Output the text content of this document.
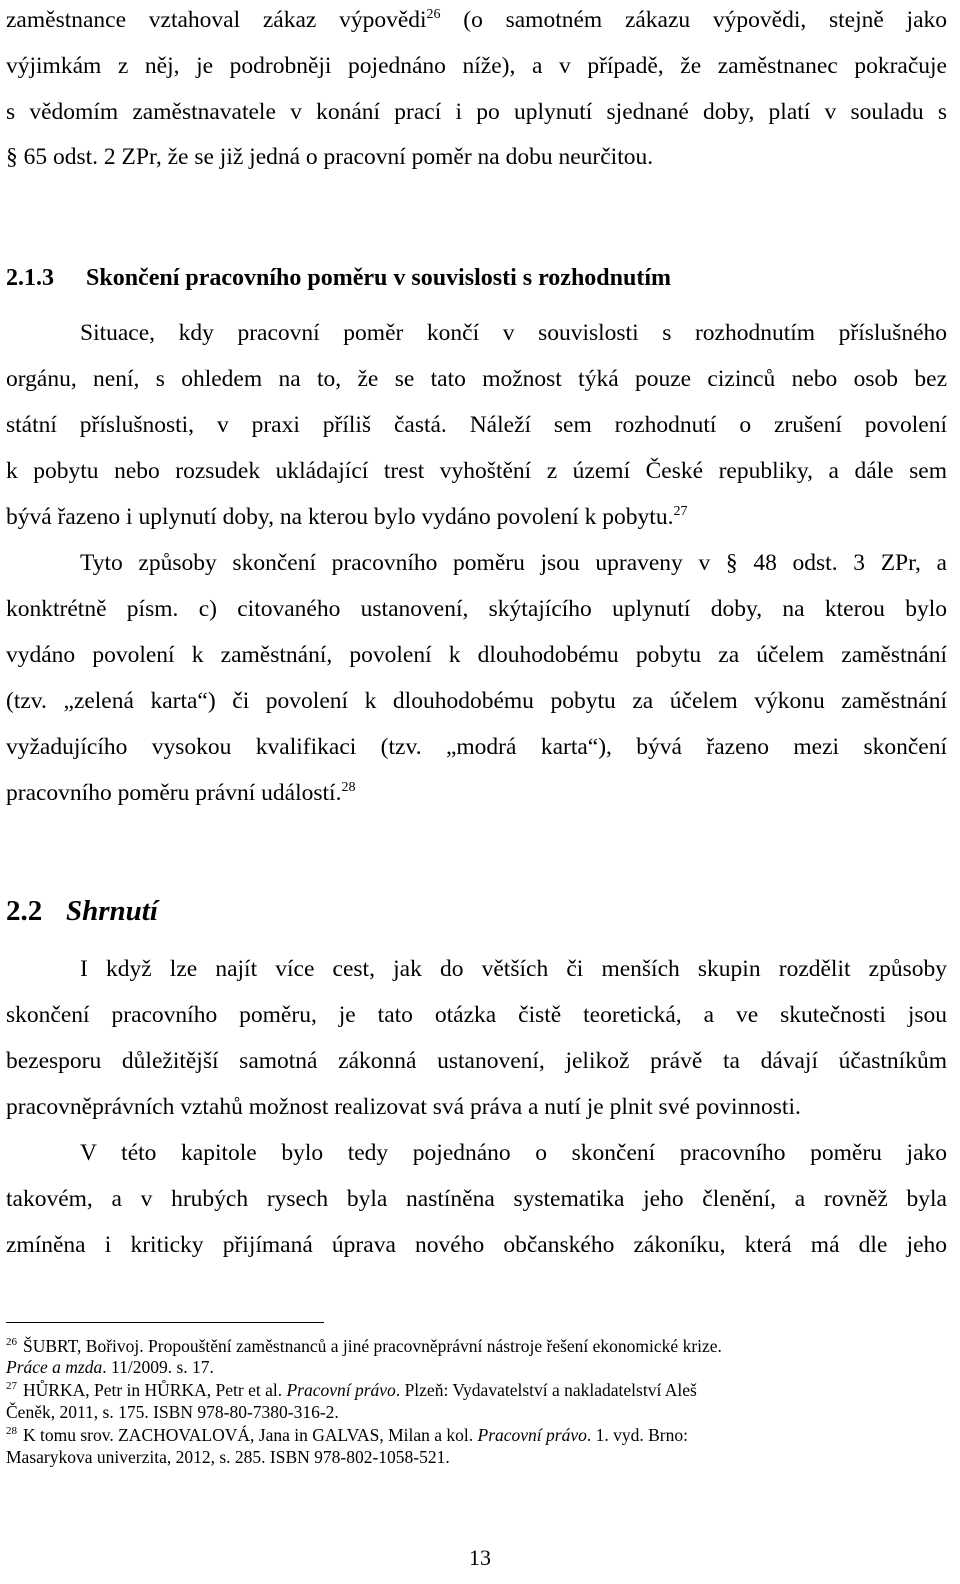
zaměstnance vztahoval zákaz výpovědi$^{26}$ (o samotném zákazu výpovědi, stejně jako
výjimkám z něj, je podrobněji pojednáno níže), a v případě, že zaměstnanec pokračuje
s vědomím zaměstnavatele v konání prací i po uplynutí sjednané doby, platí v souladu s
§ 65 odst. 2 ZPr, že se již jedná o pracovní poměr na dobu neurčitou.
2.1.3 Skončení pracovního poměru v souvislosti s rozhodnutím
Situace, kdy pracovní poměr končí v souvislosti s rozhodnutím příslušného
orgánu, není, s ohledem na to, že se tato možnost týká pouze cizinců nebo osob bez
státní příslušnosti, v praxi příliš častá. Náleží sem rozhodnutí o zrušení povolení
k pobytu nebo rozsudek ukládající trest vyhoštění z území České republiky, a dále sem
bývá řazeno i uplynutí doby, na kterou bylo vydáno povolení k pobytu.$^{27}$
Tyto způsoby skončení pracovního poměru jsou upraveny v § 48 odst. 3 ZPr, a
konktrétně písm. c) citovaného ustanovení, skýtajícího uplynutí doby, na kterou bylo
vydáno povolení k zaměstnání, povolení k dlouhodobému pobytu za účelem zaměstnání
(tzv. „zelená karta“) či povolení k dlouhodobému pobytu za účelem výkonu zaměstnání
vyžadujícího vysokou kvalifikaci (tzv. „modrá karta“), bývá řazeno mezi skončení
pracovního poměru právní událostí.$^{28}$
2.2 Shrnutí
I když lze najít více cest, jak do větších či menších skupin rozdělit způsoby
skončení pracovního poměru, je tato otázka čistě teoretická, a ve skutečnosti jsou
bezesporu důležitější samotná zákonná ustanovení, jelikož právě ta dávají účastníkům
pracovněprávních vztahů možnost realizovat svá práva a nutí je plnit své povinnosti.
V této kapitole bylo tedy pojednáno o skončení pracovního poměru jako
takovém, a v hrubých rysech byla nastíněna systematika jeho členění, a rovněž byla
zmíněna i kriticky přijímaná úprava nového občanského zákoníku, která má dle jeho
$^{26}$ ŠUBRT, Bořivoj. Propouštění zaměstnanců a jiné pracovněprávní nástroje řešení ekonomické krize.
Práce a mzda. 11/2009. s. 17.
$^{27}$ HŮRKA, Petr in HŮRKA, Petr et al. Pracovní právo. Plzeň: Vydavatelství a nakladatelství Aleš
Čeněk, 2011, s. 175. ISBN 978-80-7380-316-2.
$^{28}$ K tomu srov. ZACHOVALOVÁ, Jana in GALVAS, Milan a kol. Pracovní právo. 1. vyd. Brno:
Masarykova univerzita, 2012, s. 285. ISBN 978-802-1058-521.
13
